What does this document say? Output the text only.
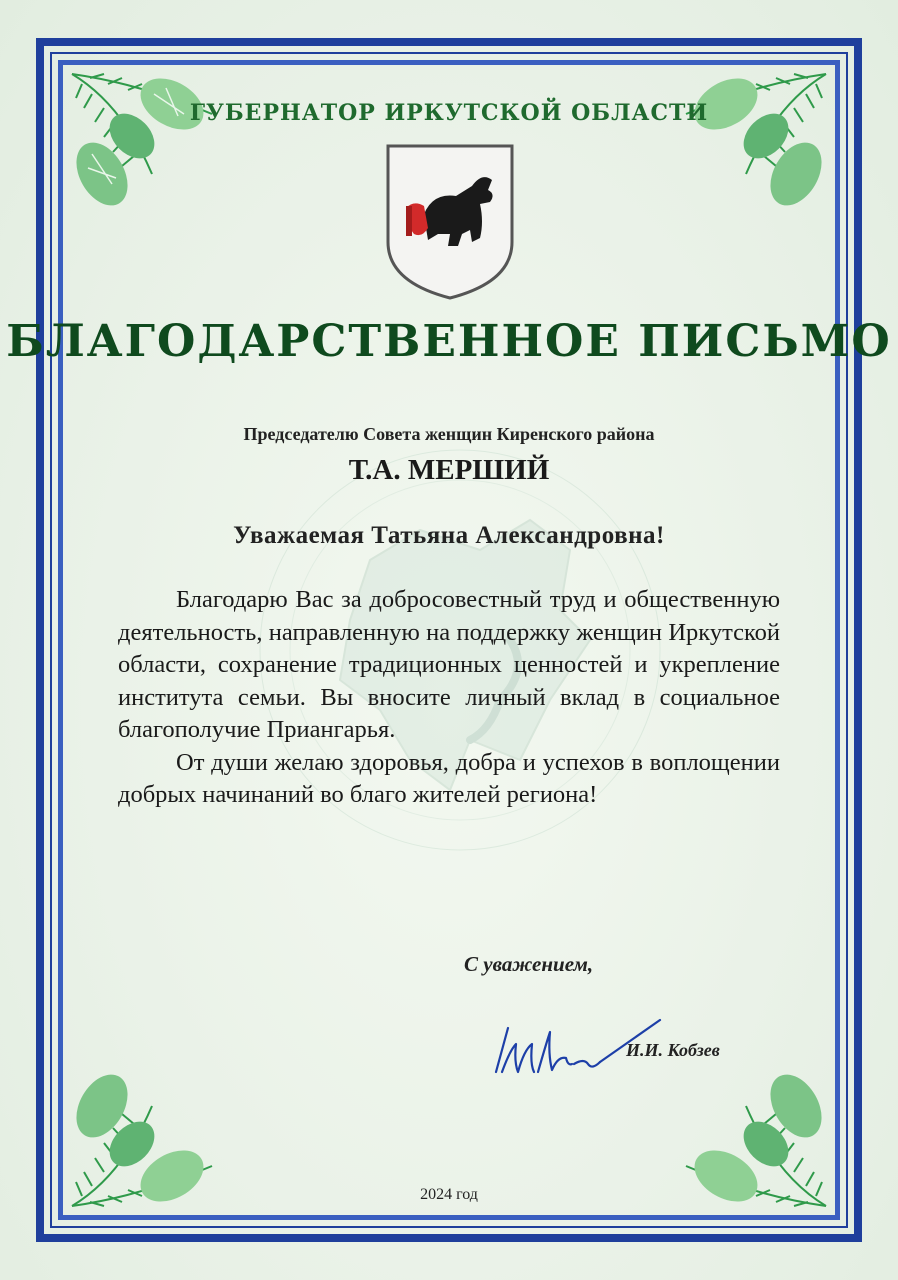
ГУБЕРНАТОР ИРКУТСКОЙ ОБЛАСТИ
БЛАГОДАРСТВЕННОЕ ПИСЬМО
Председателю Совета женщин Киренского района
Т.А. МЕРШИЙ
Уважаемая Татьяна Александровна!

Благодарю Вас за добросовестный труд и общественную деятельность, направленную на поддержку женщин Иркутской области, сохранение традиционных ценностей и укрепление института семьи. Вы вносите личный вклад в социальное благополучие Приангарья.

От души желаю здоровья, добра и успехов в воплощении добрых начинаний во благо жителей региона!

С уважением,
И.И. Кобзев
2024 год
